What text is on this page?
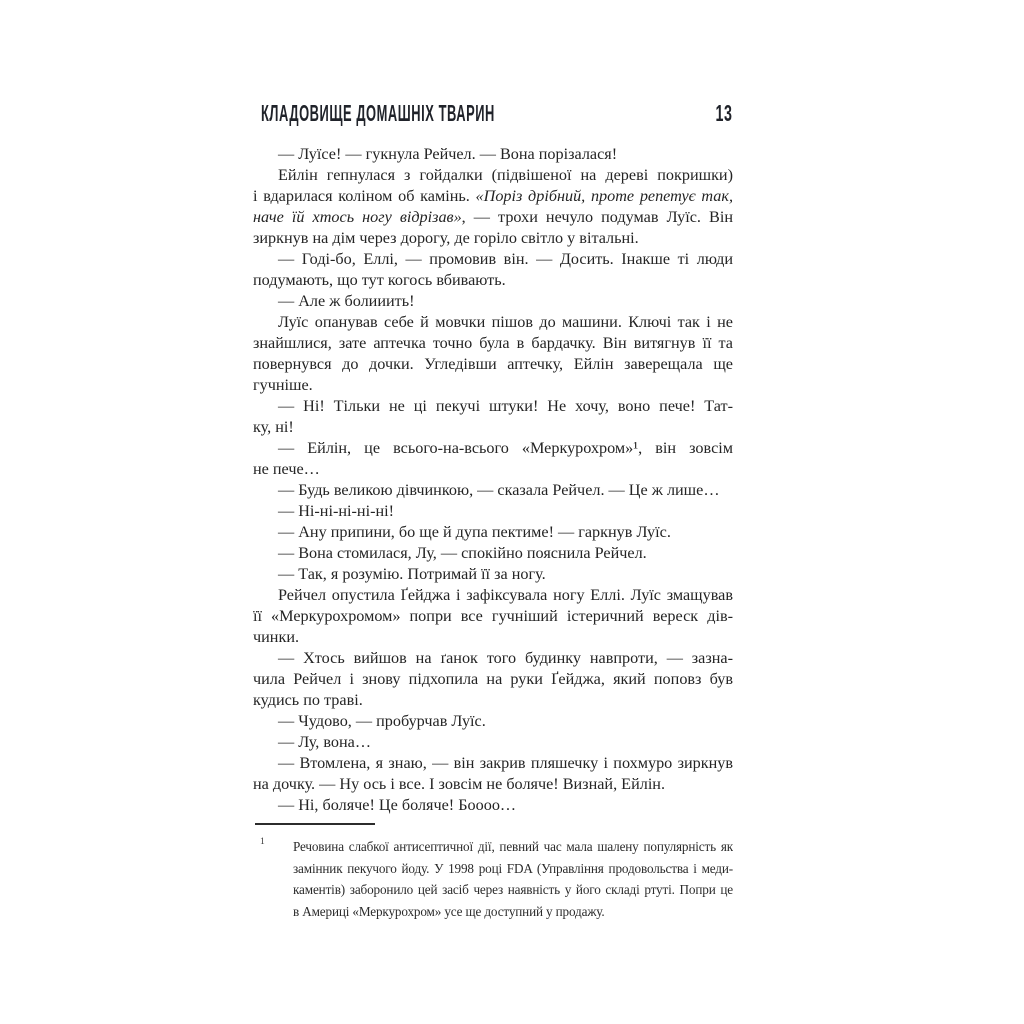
КЛАДОВИЩЕ ДОМАШНІХ ТВАРИН	13
— Луїсе! — гукнула Рейчел. — Вона порізалася!
Ейлін гепнулася з гойдалки (підвішеної на дереві покришки)
і вдарилася коліном об камінь. «Поріз дрібний, проте репетує так,
наче їй хтось ногу відрізав», — трохи нечуло подумав Луїс. Він
зиркнув на дім через дорогу, де горіло світло у вітальні.
— Годі-бо, Еллі, — промовив він. — Досить. Інакше ті люди
подумають, що тут когось вбивають.
— Але ж болииить!
Луїс опанував себе й мовчки пішов до машини. Ключі так і не
знайшлися, зате аптечка точно була в бардачку. Він витягнув її та
повернувся до дочки. Угледівши аптечку, Ейлін заверещала ще
гучніше.
— Ні! Тільки не ці пекучі штуки! Не хочу, воно пече! Тат-
ку, ні!
— Ейлін, це всього-на-всього «Меркурохром»¹, він зовсім
не пече…
— Будь великою дівчинкою, — сказала Рейчел. — Це ж лише…
— Ні-ні-ні-ні-ні!
— Ану припини, бо ще й дупа пектиме! — гаркнув Луїс.
— Вона стомилася, Лу, — спокійно пояснила Рейчел.
— Так, я розумію. Потримай її за ногу.
Рейчел опустила Ґейджа і зафіксувала ногу Еллі. Луїс змащував
її «Меркурохромом» попри все гучніший істеричний вереск дів-
чинки.
— Хтось вийшов на ґанок того будинку навпроти, — зазна-
чила Рейчел і знову підхопила на руки Ґейджа, який поповз був
кудись по траві.
— Чудово, — пробурчав Луїс.
— Лу, вона…
— Втомлена, я знаю, — він закрив пляшечку і похмуро зиркнув
на дочку. — Ну ось і все. І зовсім не боляче! Визнай, Ейлін.
— Ні, боляче! Це боляче! Боооо…
1 Речовина слабкої антисептичної дії, певний час мала шалену популярність як
замінник пекучого йоду. У 1998 році FDA (Управління продовольства і меди-
каментів) заборонило цей засіб через наявність у його складі ртуті. Попри це
в Америці «Меркурохром» усе ще доступний у продажу.
